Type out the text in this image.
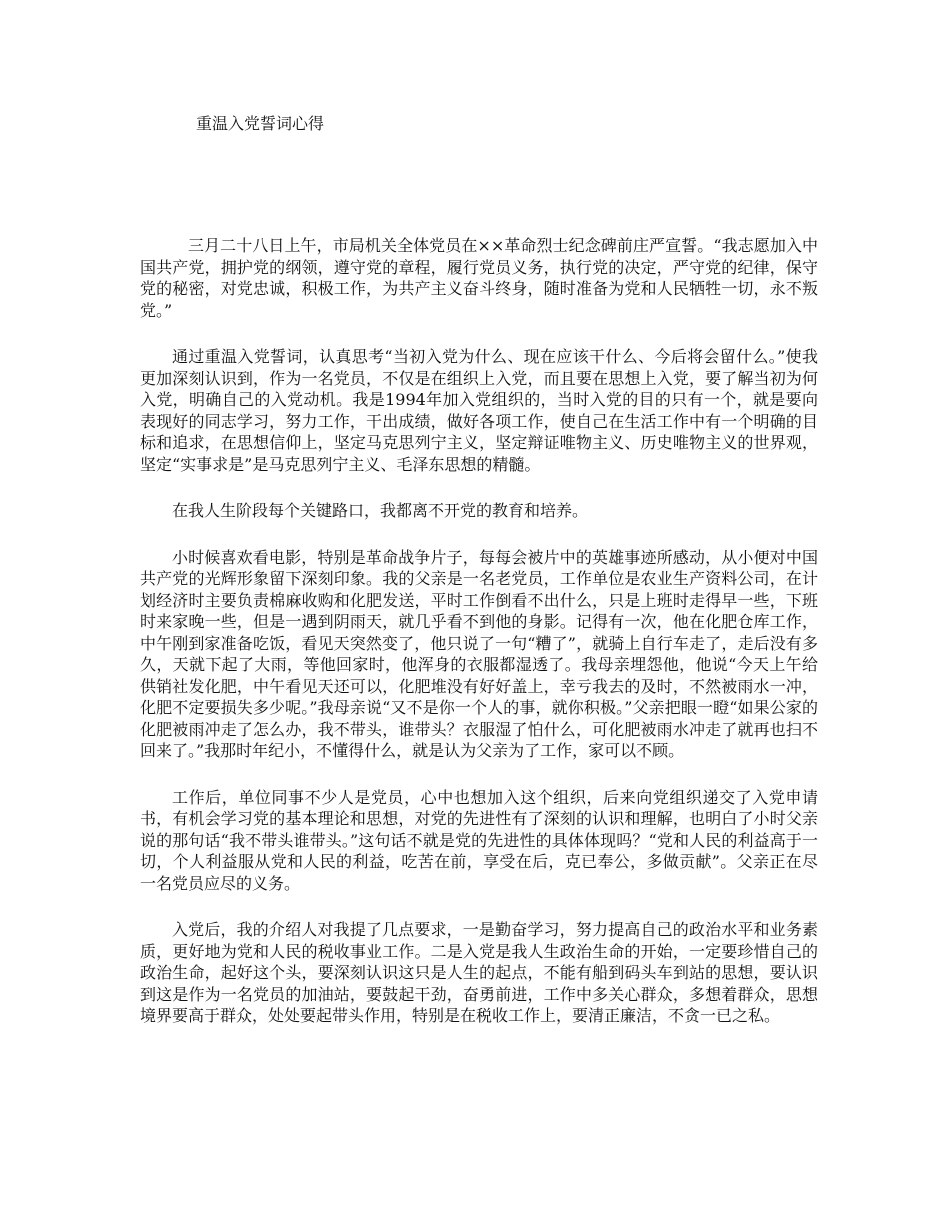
重温入党誓词心得

三月二十八日上午，市局机关全体党员在××革命烈士纪念碑前庄严宣誓。“我志愿加入中国共产党，拥护党的纲领，遵守党的章程，履行党员义务，执行党的决定，严守党的纪律，保守党的秘密，对党忠诚，积极工作，为共产主义奋斗终身，随时准备为党和人民牺牲一切，永不叛党。”

通过重温入党誓词，认真思考“当初入党为什么、现在应该干什么、今后将会留什么。”使我更加深刻认识到，作为一名党员，不仅是在组织上入党，而且要在思想上入党，要了解当初为何入党，明确自己的入党动机。我是1994年加入党组织的，当时入党的目的只有一个，就是要向表现好的同志学习，努力工作，干出成绩，做好各项工作，使自己在生活工作中有一个明确的目标和追求，在思想信仰上，坚定马克思列宁主义，坚定辩证唯物主义、历史唯物主义的世界观，坚定“实事求是”是马克思列宁主义、毛泽东思想的精髓。

在我人生阶段每个关键路口，我都离不开党的教育和培养。

小时候喜欢看电影，特别是革命战争片子，每每会被片中的英雄事迹所感动，从小便对中国共产党的光辉形象留下深刻印象。我的父亲是一名老党员，工作单位是农业生产资料公司，在计划经济时主要负责棉麻收购和化肥发送，平时工作倒看不出什么，只是上班时走得早一些，下班时来家晚一些，但是一遇到阴雨天，就几乎看不到他的身影。记得有一次，他在化肥仓库工作，中午刚到家准备吃饭，看见天突然变了，他只说了一句“糟了”，就骑上自行车走了，走后没有多久，天就下起了大雨，等他回家时，他浑身的衣服都湿透了。我母亲埋怨他，他说“今天上午给供销社发化肥，中午看见天还可以，化肥堆没有好好盖上，幸亏我去的及时，不然被雨水一冲，化肥不定要损失多少呢。”我母亲说“又不是你一个人的事，就你积极。”父亲把眼一瞪“如果公家的化肥被雨冲走了怎么办，我不带头，谁带头？衣服湿了怕什么，可化肥被雨水冲走了就再也扫不回来了。”我那时年纪小，不懂得什么，就是认为父亲为了工作，家可以不顾。

工作后，单位同事不少人是党员，心中也想加入这个组织，后来向党组织递交了入党申请书，有机会学习党的基本理论和思想，对党的先进性有了深刻的认识和理解，也明白了小时父亲说的那句话“我不带头谁带头。”这句话不就是党的先进性的具体体现吗？“党和人民的利益高于一切，个人利益服从党和人民的利益，吃苦在前，享受在后，克已奉公，多做贡献”。父亲正在尽一名党员应尽的义务。

入党后，我的介绍人对我提了几点要求，一是勤奋学习，努力提高自己的政治水平和业务素质，更好地为党和人民的税收事业工作。二是入党是我人生政治生命的开始，一定要珍惜自己的政治生命，起好这个头，要深刻认识这只是人生的起点，不能有船到码头车到站的思想，要认识到这是作为一名党员的加油站，要鼓起干劲，奋勇前进，工作中多关心群众，多想着群众，思想境界要高于群众，处处要起带头作用，特别是在税收工作上，要清正廉洁，不贪一已之私。
